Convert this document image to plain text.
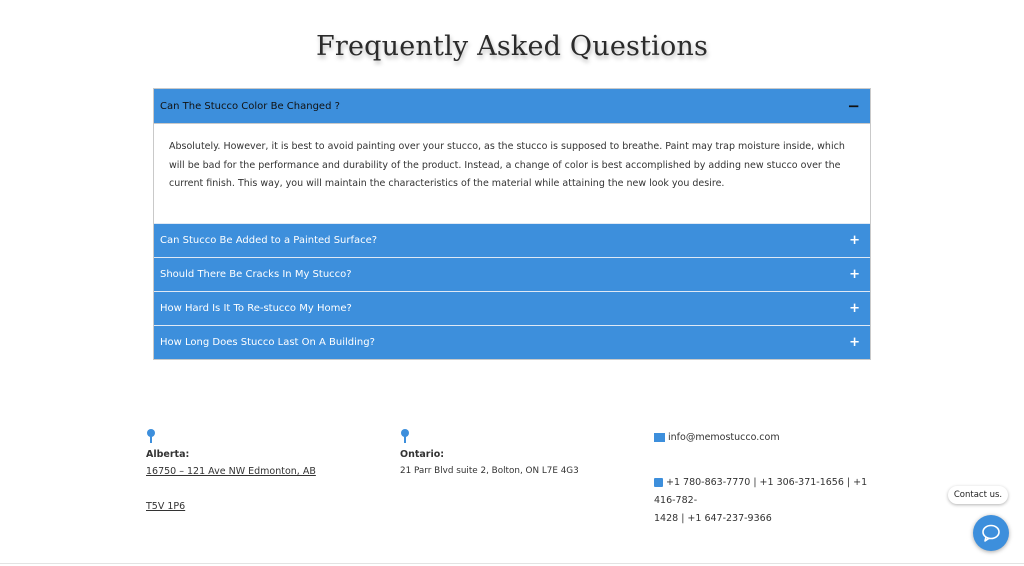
Frequently Asked Questions
Can The Stucco Color Be Changed ?	−
Absolutely. However, it is best to avoid painting over your stucco, as the stucco is supposed to breathe. Paint may trap moisture inside, which will be bad for the performance and durability of the product. Instead, a change of color is best accomplished by adding new stucco over the current finish. This way, you will maintain the characteristics of the material while attaining the new look you desire.
Can Stucco Be Added to a Painted Surface?	+
Should There Be Cracks In My Stucco?	+
How Hard Is It To Re-stucco My Home?	+
How Long Does Stucco Last On A Building?	+
Alberta:
16750 – 121 Ave NW Edmonton, AB
T5V 1P6
Ontario:
21 Parr Blvd suite 2, Bolton, ON L7E 4G3
info@memostucco.com
+1 780-863-7770 | +1 306-371-1656 | +1 416-782-
1428 | +1 647-237-9366
Contact us.
